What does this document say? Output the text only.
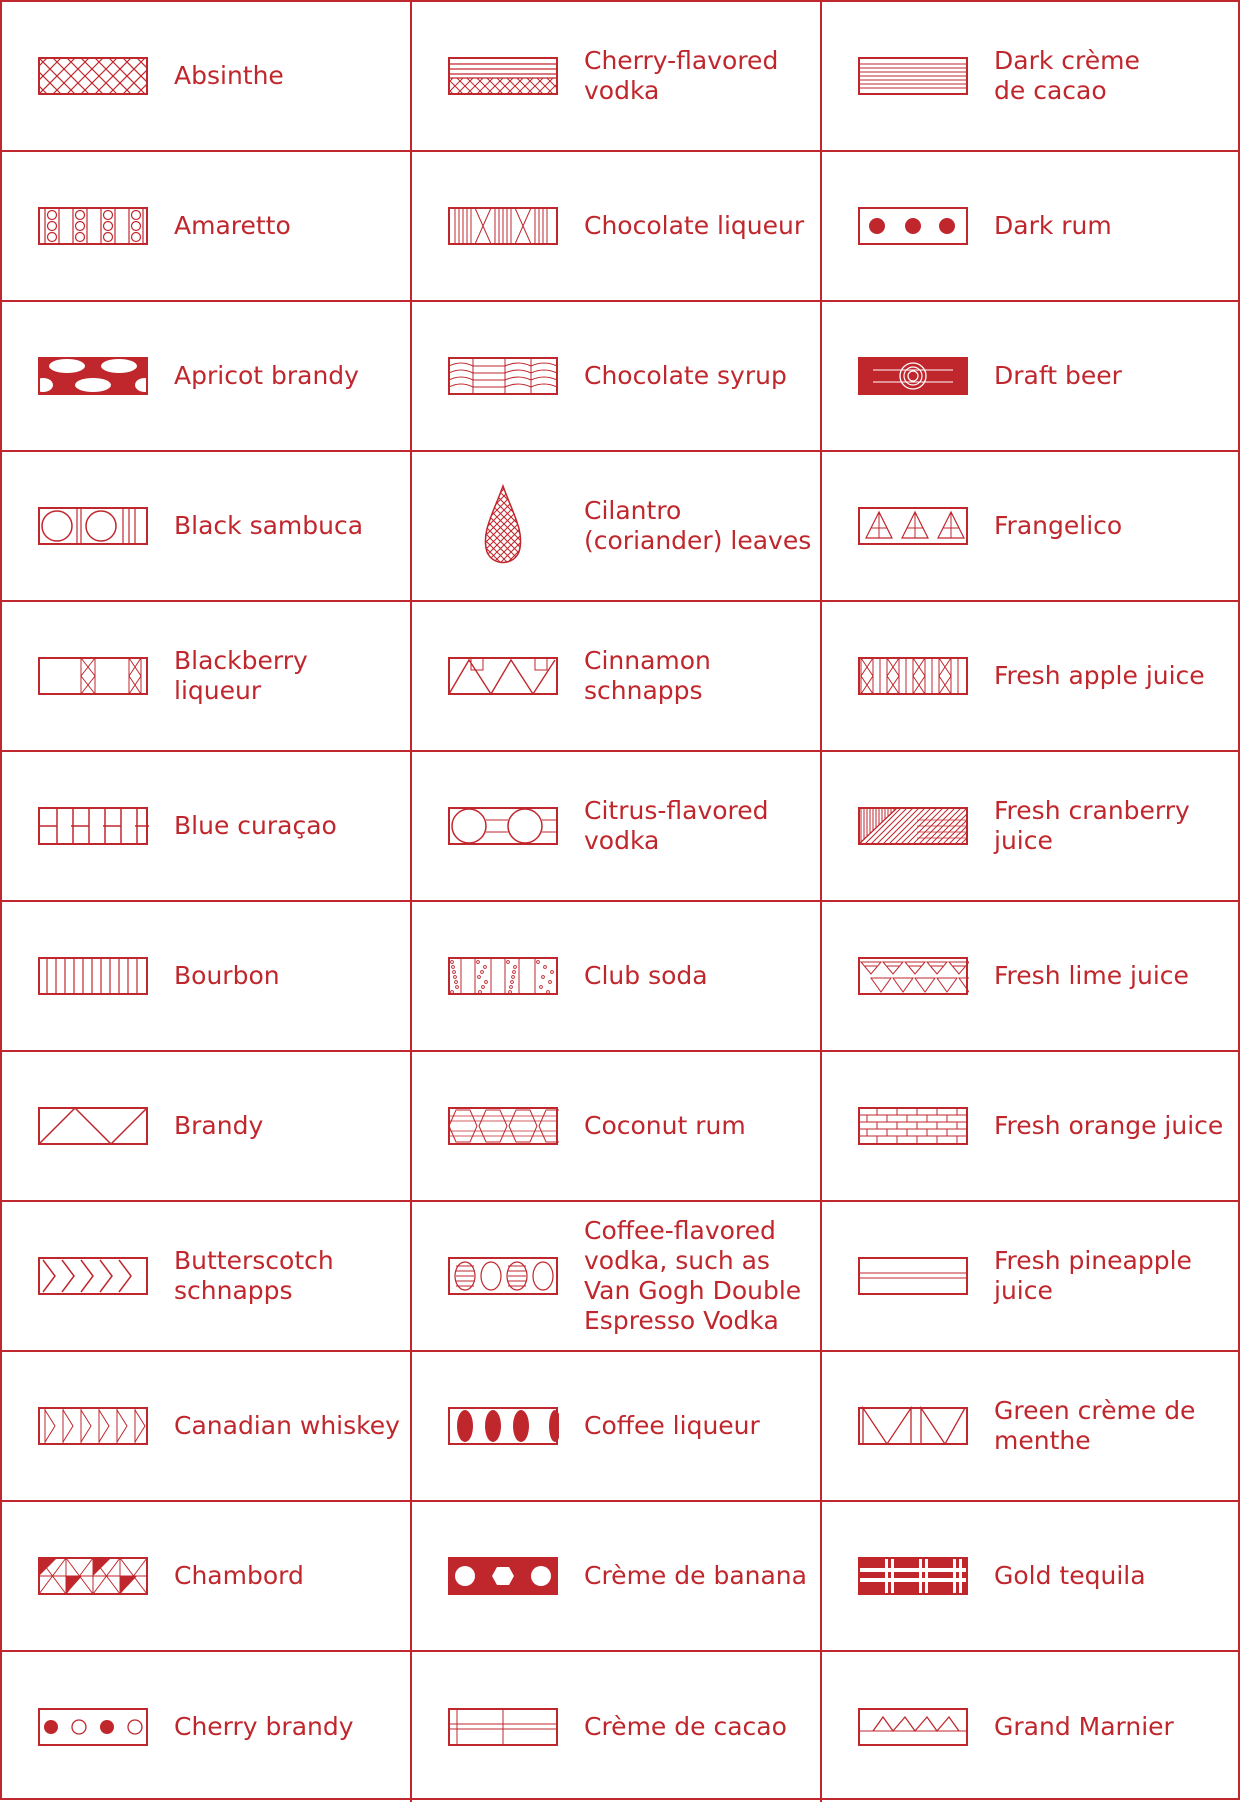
Absinthe
Amaretto
Apricot brandy
Black sambuca
Blackberry liqueur
Blue curaçao
Bourbon
Brandy
Butterscotch
schnapps
Canadian whiskey
Chambord
Cherry brandy
Cherry-flavored
vodka
Chocolate liqueur
Chocolate syrup
Cilantro
(coriander) leaves
Cinnamon
schnapps
Citrus-flavored
vodka
Club soda
Coconut rum
Coffee-flavored
vodka, such as
Van Gogh Double
Espresso Vodka
Coffee liqueur
Crème de banana
Crème de cacao
Dark crème
de cacao
Dark rum
Draft beer
Frangelico
Fresh apple juice
Fresh cranberry
juice
Fresh lime juice
Fresh orange juice
Fresh pineapple
juice
Green crème de
menthe
Gold tequila
Grand Marnier
